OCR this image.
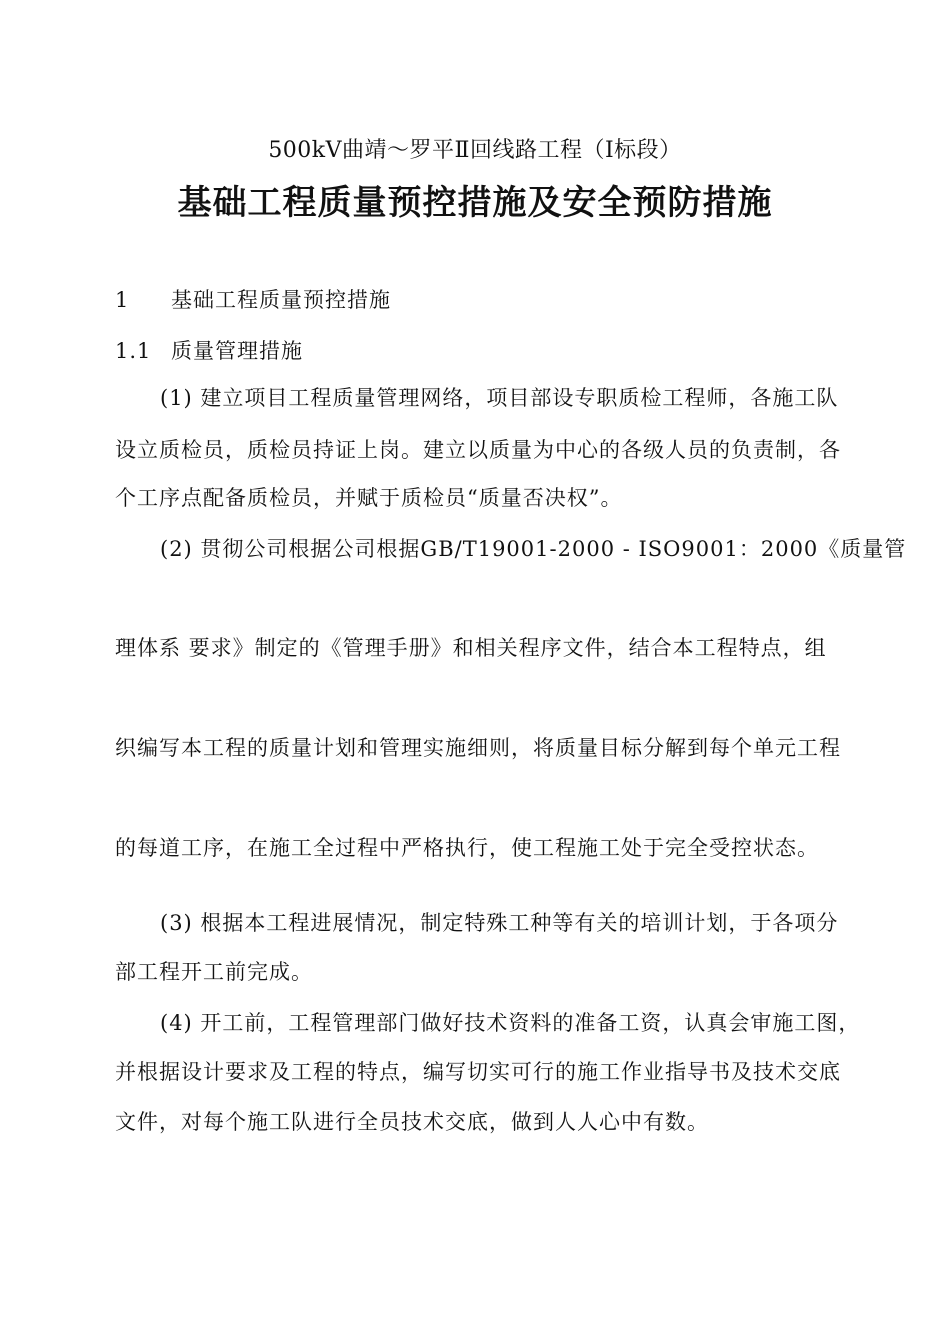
500kV曲靖～罗平Ⅱ回线路工程（Ⅰ标段）
基础工程质量预控措施及安全预防措施
1 基础工程质量预控措施
1.1 质量管理措施
(1) 建立项目工程质量管理网络，项目部设专职质检工程师，各施工队
设立质检员，质检员持证上岗。建立以质量为中心的各级人员的负责制，各
个工序点配备质检员，并赋于质检员“质量否决权”。
(2) 贯彻公司根据公司根据GB/T19001-2000 - ISO9001：2000《质量管
理体系 要求》制定的《管理手册》和相关程序文件，结合本工程特点，组
织编写本工程的质量计划和管理实施细则，将质量目标分解到每个单元工程
的每道工序，在施工全过程中严格执行，使工程施工处于完全受控状态。
(3) 根据本工程进展情况，制定特殊工种等有关的培训计划，于各项分
部工程开工前完成。
(4) 开工前，工程管理部门做好技术资料的准备工资，认真会审施工图，
并根据设计要求及工程的特点，编写切实可行的施工作业指导书及技术交底
文件，对每个施工队进行全员技术交底，做到人人心中有数。
